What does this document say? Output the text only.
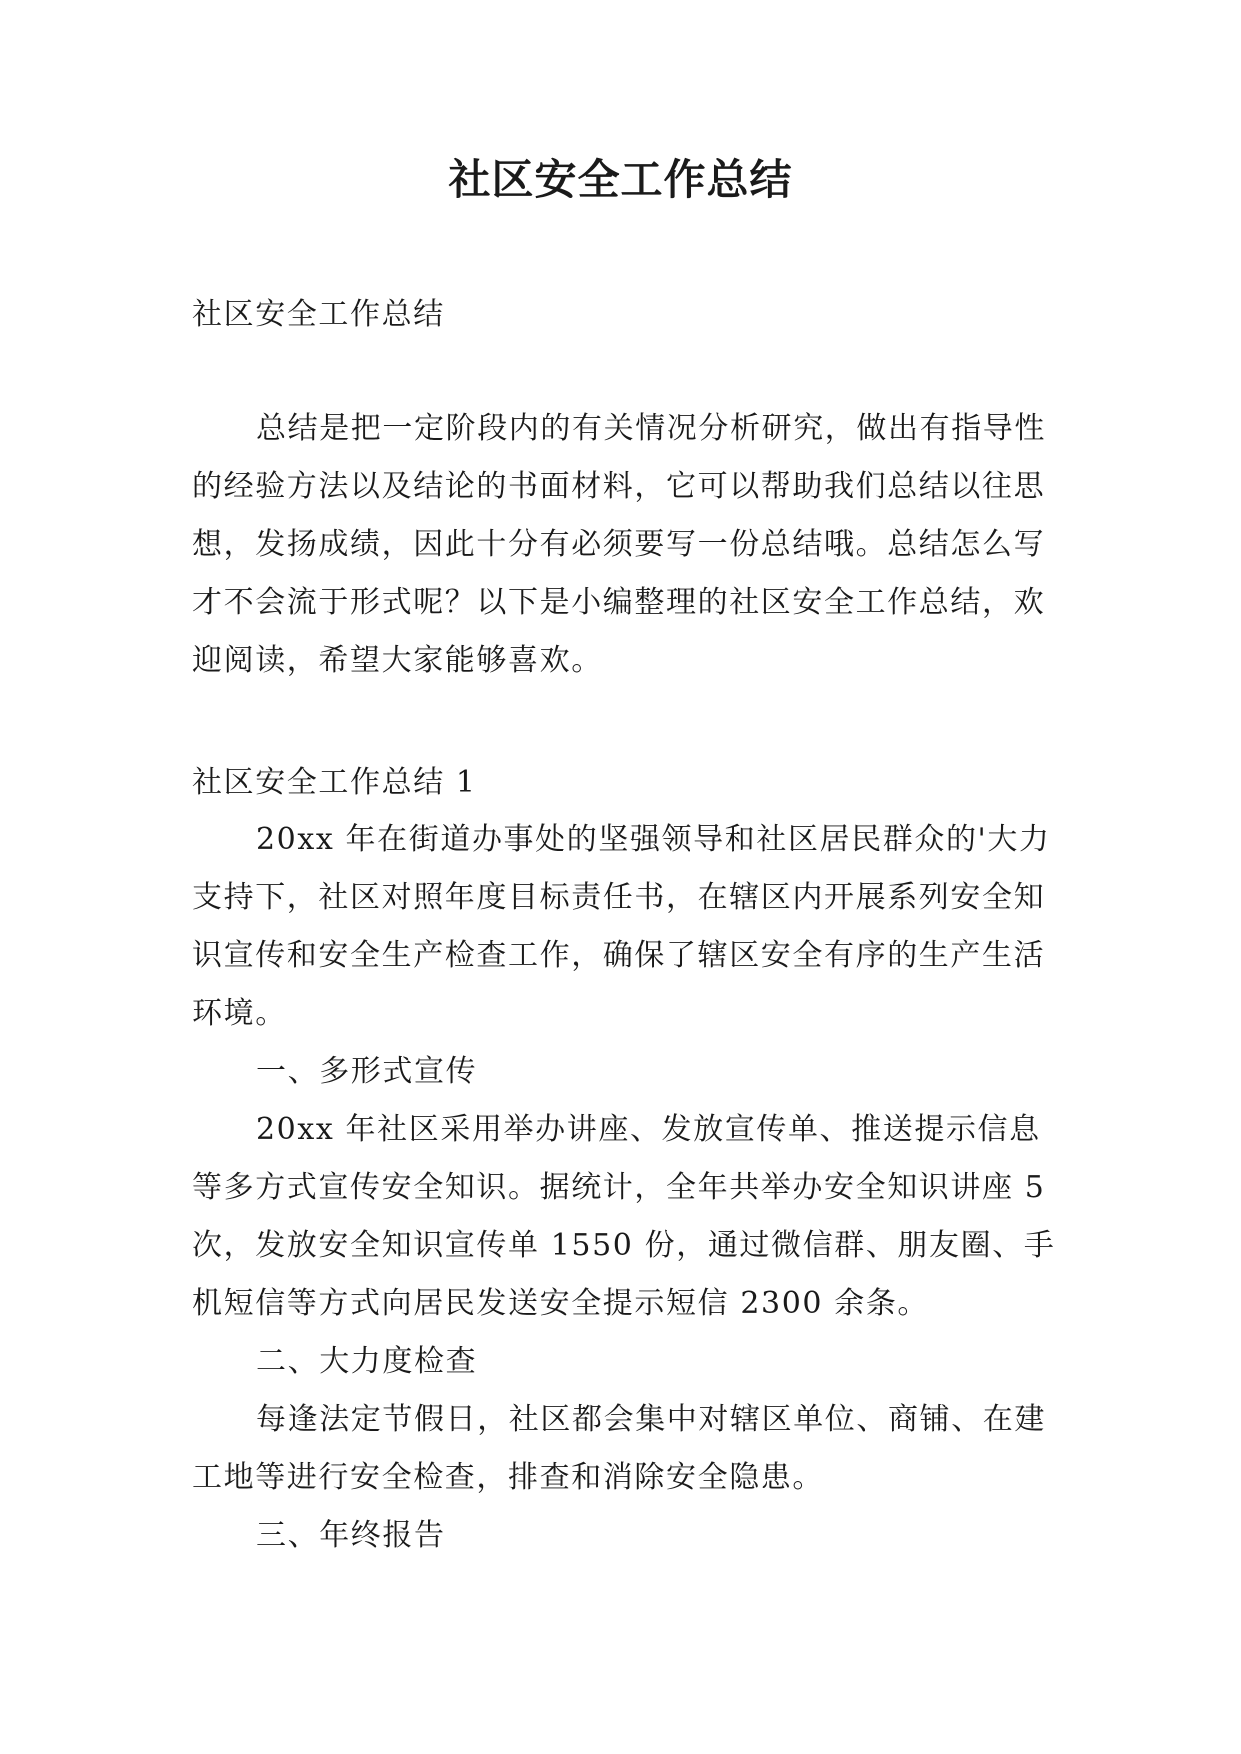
社区安全工作总结

社区安全工作总结

总结是把一定阶段内的有关情况分析研究，做出有指导性的经验方法以及结论的书面材料，它可以帮助我们总结以往思想，发扬成绩，因此十分有必须要写一份总结哦。总结怎么写才不会流于形式呢？以下是小编整理的社区安全工作总结，欢迎阅读，希望大家能够喜欢。

社区安全工作总结 1

20xx 年在街道办事处的坚强领导和社区居民群众的'大力支持下，社区对照年度目标责任书，在辖区内开展系列安全知识宣传和安全生产检查工作，确保了辖区安全有序的生产生活环境。

一、多形式宣传

20xx 年社区采用举办讲座、发放宣传单、推送提示信息等多方式宣传安全知识。据统计，全年共举办安全知识讲座 5 次，发放安全知识宣传单 1550 份，通过微信群、朋友圈、手机短信等方式向居民发送安全提示短信 2300 余条。

二、大力度检查

每逢法定节假日，社区都会集中对辖区单位、商铺、在建工地等进行安全检查，排查和消除安全隐患。

三、年终报告
